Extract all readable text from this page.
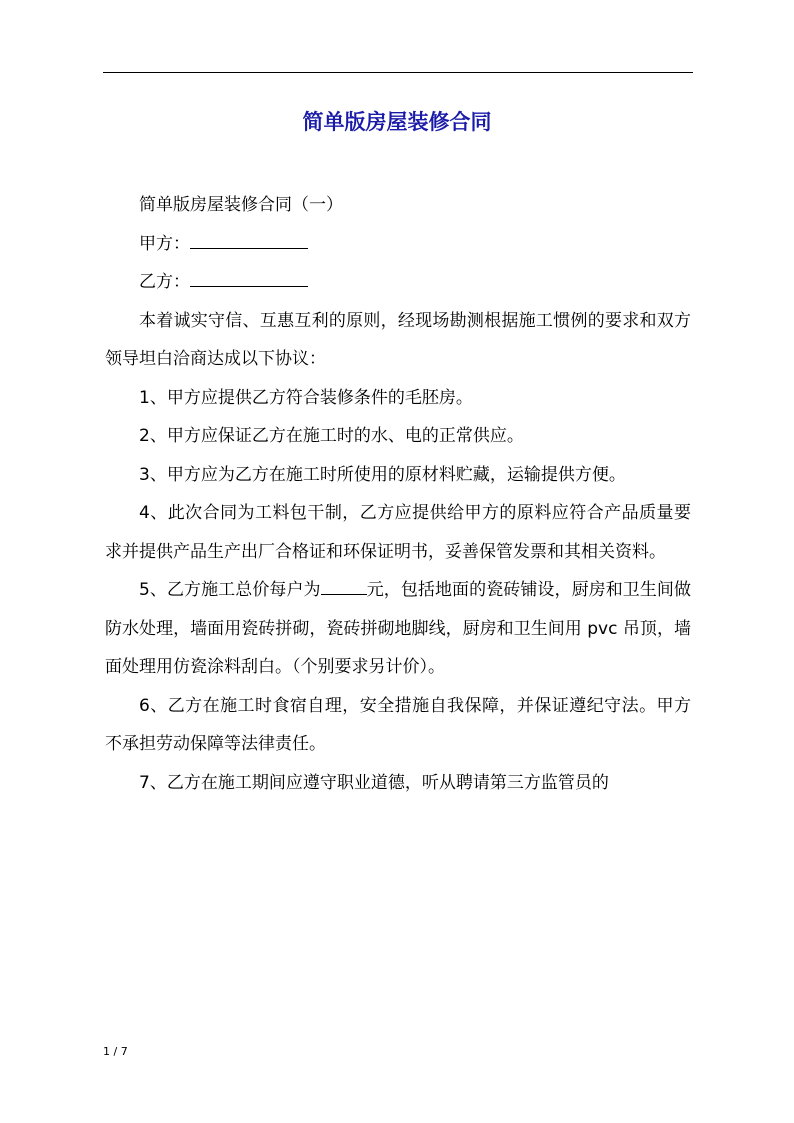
简单版房屋装修合同

简单版房屋装修合同（一）

甲方：

乙方：

本着诚实守信、互惠互利的原则，经现场勘测根据施工惯例的要求和双方领导坦白洽商达成以下协议：

1、甲方应提供乙方符合装修条件的毛胚房。

2、甲方应保证乙方在施工时的水、电的正常供应。

3、甲方应为乙方在施工时所使用的原材料贮藏，运输提供方便。

4、此次合同为工料包干制，乙方应提供给甲方的原料应符合产品质量要求并提供产品生产出厂合格证和环保证明书，妥善保管发票和其相关资料。

5、乙方施工总价每户为	元，包括地面的瓷砖铺设，厨房和卫生间做防水处理，墙面用瓷砖拼砌，瓷砖拼砌地脚线，厨房和卫生间用 pvc 吊顶，墙面处理用仿瓷涂料刮白。（个别要求另计价）。

6、乙方在施工时食宿自理，安全措施自我保障，并保证遵纪守法。甲方不承担劳动保障等法律责任。

7、乙方在施工期间应遵守职业道德，听从聘请第三方监管员的

1 / 7
